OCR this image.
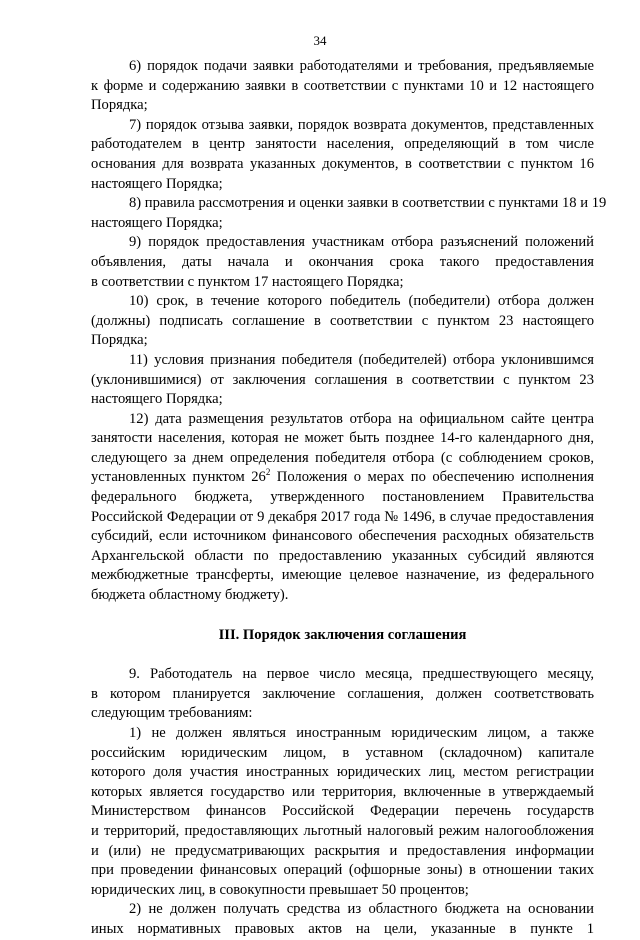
34
6) порядок подачи заявки работодателями и требования, предъявляемые
к форме и содержанию заявки в соответствии с пунктами 10 и 12 настоящего
Порядка;
7) порядок отзыва заявки, порядок возврата документов, представленных
работодателем в центр занятости населения, определяющий в том числе
основания для возврата указанных документов, в соответствии с пунктом 16
настоящего Порядка;
8) правила рассмотрения и оценки заявки в соответствии с пунктами 18 и 19
настоящего Порядка;
9) порядок предоставления участникам отбора разъяснений положений
объявления, даты начала и окончания срока такого предоставления
в соответствии с пунктом 17 настоящего Порядка;
10) срок, в течение которого победитель (победители) отбора должен
(должны) подписать соглашение в соответствии с пунктом 23 настоящего
Порядка;
11) условия признания победителя (победителей) отбора уклонившимся
(уклонившимися) от заключения соглашения в соответствии с пунктом 23
настоящего Порядка;
12) дата размещения результатов отбора на официальном сайте центра
занятости населения, которая не может быть позднее 14-го календарного дня,
следующего за днем определения победителя отбора (с соблюдением сроков,
установленных пунктом $26^2$ Положения о мерах по обеспечению исполнения
федерального бюджета, утвержденного постановлением Правительства
Российской Федерации от 9 декабря 2017 года № 1496, в случае предоставления
субсидий, если источником финансового обеспечения расходных обязательств
Архангельской области по предоставлению указанных субсидий являются
межбюджетные трансферты, имеющие целевое назначение, из федерального
бюджета областному бюджету).
III. Порядок заключения соглашения
9. Работодатель на первое число месяца, предшествующего месяцу,
в котором планируется заключение соглашения, должен соответствовать
следующим требованиям:
1) не должен являться иностранным юридическим лицом, а также
российским юридическим лицом, в уставном (складочном) капитале
которого доля участия иностранных юридических лиц, местом регистрации
которых является государство или территория, включенные в утверждаемый
Министерством финансов Российской Федерации перечень государств
и территорий, предоставляющих льготный налоговый режим налогообложения
и (или) не предусматривающих раскрытия и предоставления информации
при проведении финансовых операций (офшорные зоны) в отношении таких
юридических лиц, в совокупности превышает 50 процентов;
2) не должен получать средства из областного бюджета на основании
иных нормативных правовых актов на цели, указанные в пункте 1
